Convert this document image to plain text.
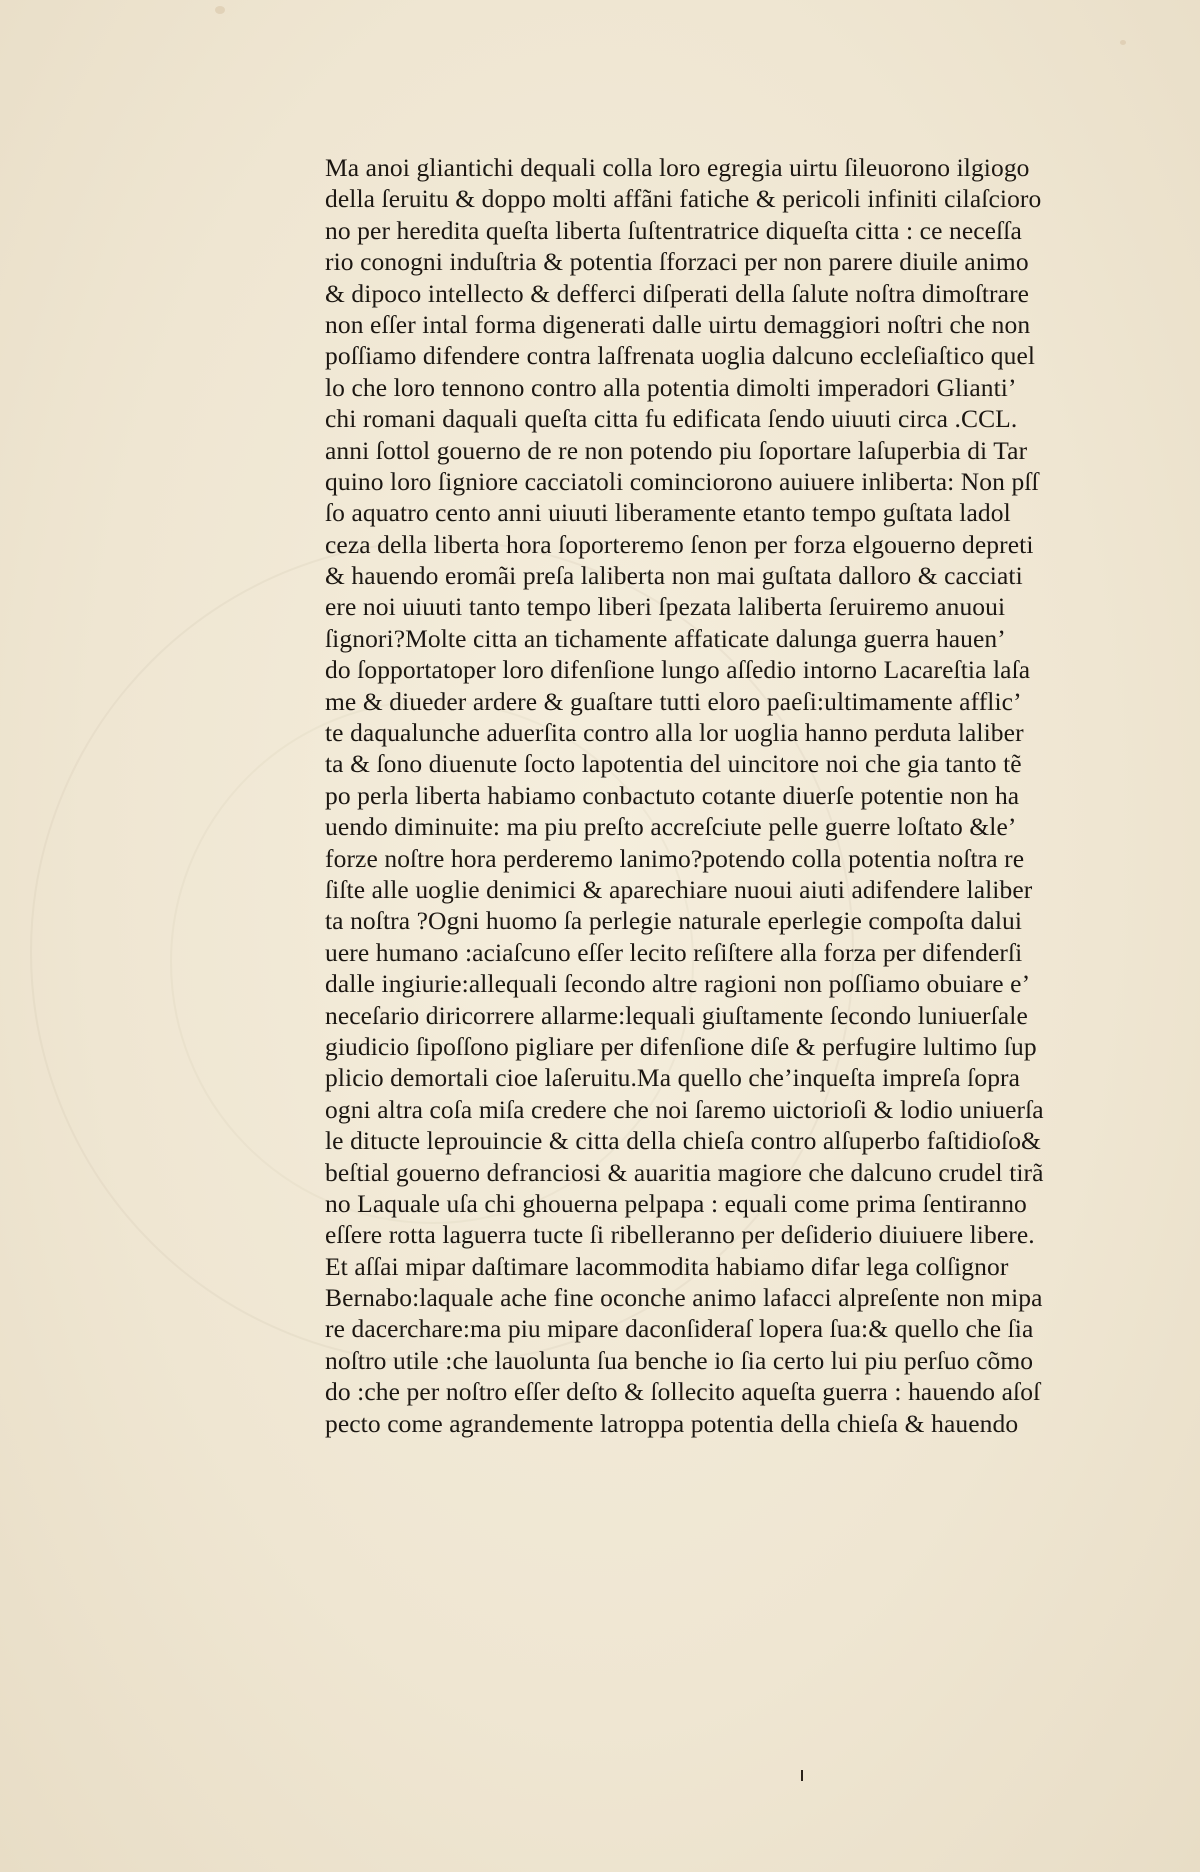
Ma anoi gliantichi dequali colla loro egregia uirtu ſileuorono ilgiogo
della ſeruitu & doppo molti affãni fatiche & pericoli infiniti cilaſcioro
no per heredita queſta liberta ſuſtentratrice diqueſta citta : ce neceſſa
rio conogni induſtria & potentia ſforzaci per non parere diuile animo
& dipoco intellecto & defferci diſperati della ſalute noſtra dimoſtrare
non eſſer intal forma digenerati dalle uirtu demaggiori noſtri che non
poſſiamo difendere contra laſfrenata uoglia dalcuno eccleſiaſtico quel
lo che loro tennono contro alla potentia dimolti imperadori Glianti’
chi romani daquali queſta citta fu edificata ſendo uiuuti circa .CCL.
anni ſottol gouerno de re non potendo piu ſoportare laſuperbia di Tar
quino loro ſigniore cacciatoli cominciorono auiuere inliberta: Non pſſ
ſo aquatro cento anni uiuuti liberamente etanto tempo guſtata ladol
ceza della liberta hora ſoporteremo ſenon per forza elgouerno depreti
& hauendo eromãi preſa laliberta non mai guſtata dalloro & cacciati
ere noi uiuuti tanto tempo liberi ſpezata laliberta ſeruiremo anuoui
ſignori?Molte citta an tichamente affaticate dalunga guerra hauen’
do ſopportatoper loro difenſione lungo aſſedio intorno Lacareſtia laſa
me & diueder ardere & guaſtare tutti eloro paeſi:ultimamente afflic’
te daqualunche aduerſita contro alla lor uoglia hanno perduta laliber
ta & ſono diuenute ſocto lapotentia del uincitore noi che gia tanto tẽ
po perla liberta habiamo conbactuto cotante diuerſe potentie non ha
uendo diminuite: ma piu preſto accreſciute pelle guerre loſtato &le’
forze noſtre hora perderemo lanimo?potendo colla potentia noſtra re
ſiſte alle uoglie denimici & aparechiare nuoui aiuti adifendere laliber
ta noſtra ?Ogni huomo ſa perlegie naturale eperlegie compoſta dalui
uere humano :aciaſcuno eſſer lecito reſiſtere alla forza per difenderſi
dalle ingiurie:allequali ſecondo altre ragioni non poſſiamo obuiare e’
neceſario diricorrere allarme:lequali giuſtamente ſecondo luniuerſale
giudicio ſipoſſono pigliare per difenſione diſe & perfugire lultimo ſup
plicio demortali cioe laſeruitu.Ma quello che’inqueſta impreſa ſopra
ogni altra coſa miſa credere che noi ſaremo uictorioſi & lodio uniuerſa
le ditucte leprouincie & citta della chieſa contro alſuperbo faſtidioſo&
beſtial gouerno defranciosi & auaritia magiore che dalcuno crudel tirã
no Laquale uſa chi ghouerna pelpapa : equali come prima ſentiranno
eſſere rotta laguerra tucte ſi ribelleranno per deſiderio diuiuere libere.
Et aſſai mipar daſtimare lacommodita habiamo difar lega colſignor
Bernabo:laquale ache fine oconche animo lafacci alpreſente non mipa
re dacerchare:ma piu mipare daconſideraſ lopera ſua:& quello che ſia
noſtro utile :che lauolunta ſua benche io ſia certo lui piu perſuo cõmo
do :che per noſtro eſſer deſto & ſollecito aqueſta guerra : hauendo aſoſ
pecto come agrandemente latroppa potentia della chieſa & hauendo
